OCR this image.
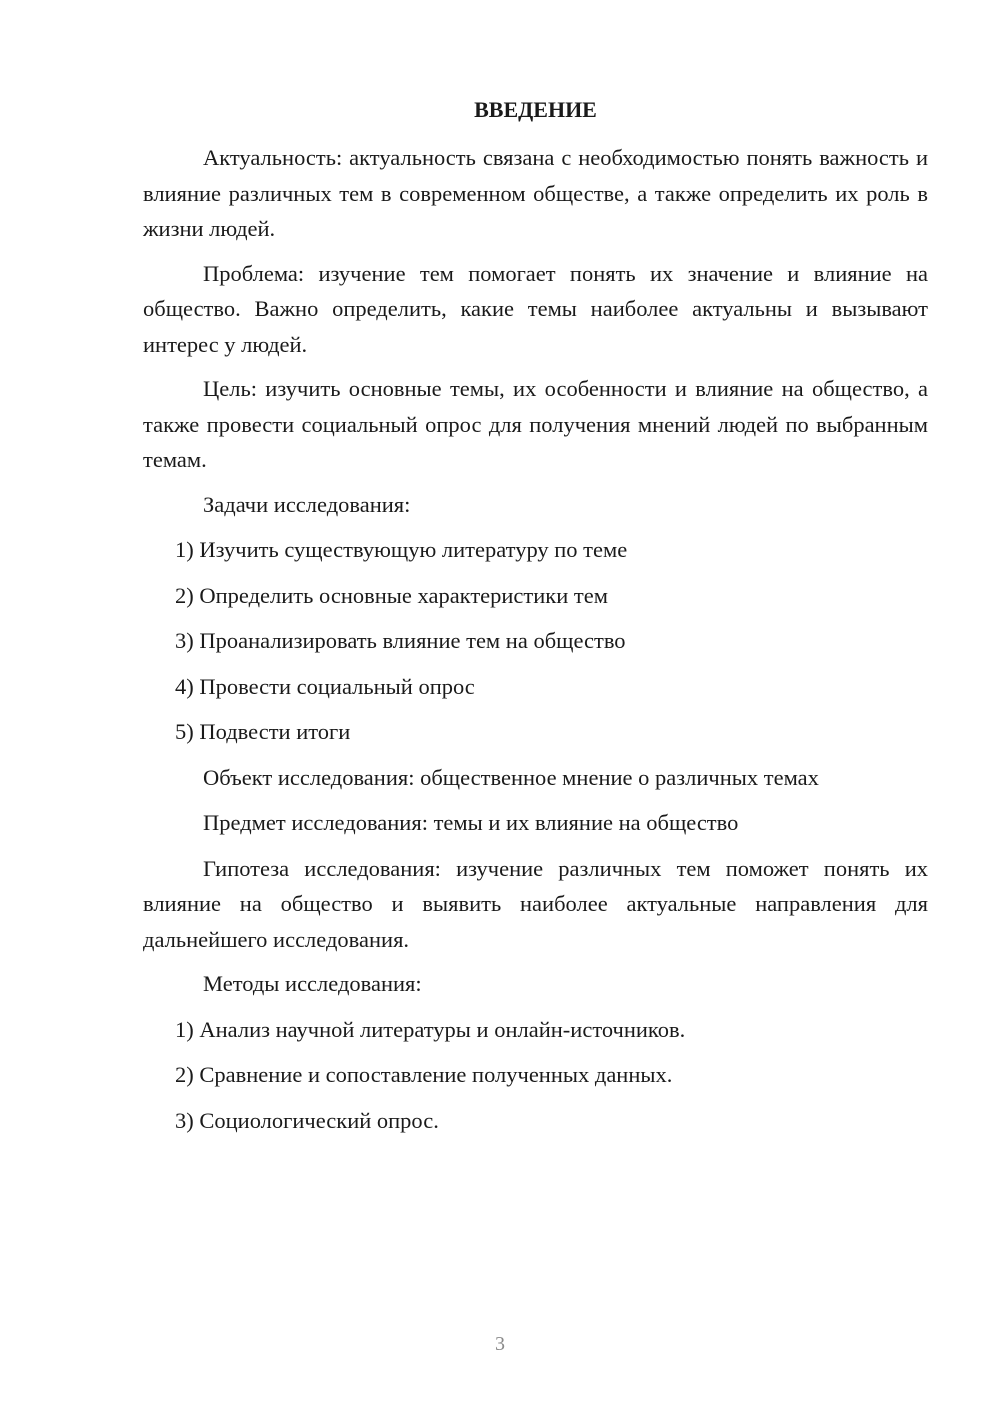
ВВЕДЕНИЕ

Актуальность: актуальность связана с необходимостью понять важность и влияние различных тем в современном обществе, а также определить их роль в жизни людей.

Проблема: изучение тем помогает понять их значение и влияние на общество. Важно определить, какие темы наиболее актуальны и вызывают интерес у людей.

Цель: изучить основные темы, их особенности и влияние на общество, а также провести социальный опрос для получения мнений людей по выбранным темам.

Задачи исследования:

1) Изучить существующую литературу по теме
2) Определить основные характеристики тем
3) Проанализировать влияние тем на общество
4) Провести социальный опрос
5) Подвести итоги

Объект исследования: общественное мнение о различных темах

Предмет исследования: темы и их влияние на общество

Гипотеза исследования: изучение различных тем поможет понять их влияние на общество и выявить наиболее актуальные направления для дальнейшего исследования.

Методы исследования:

1) Анализ научной литературы и онлайн-источников.
2) Сравнение и сопоставление полученных данных.
3) Социологический опрос.
3
